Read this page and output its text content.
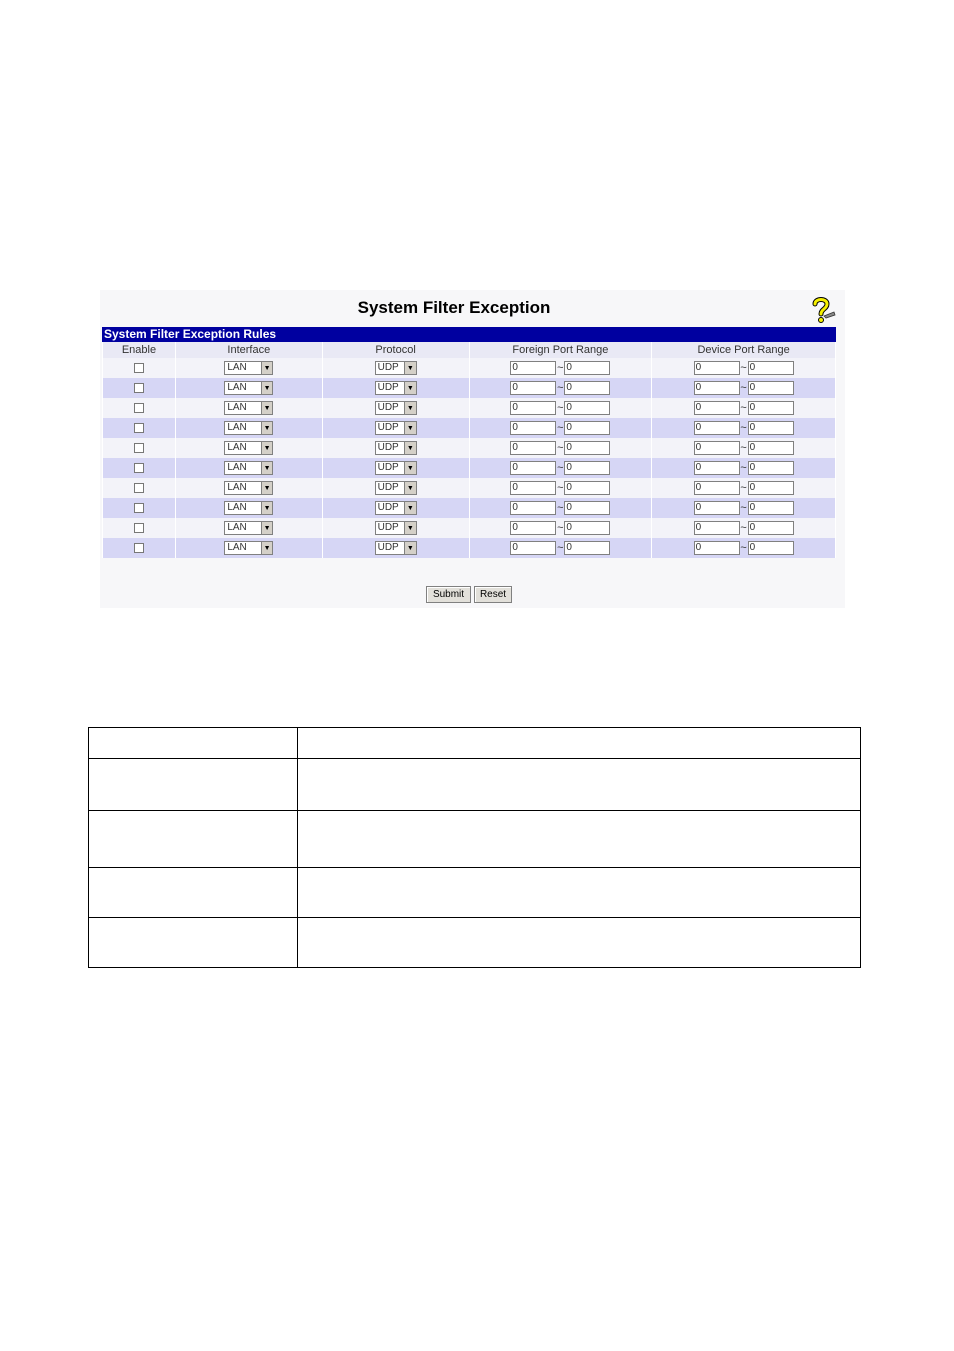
System Filter Exception
System Filter Exception Rules
Enable	Interface	Protocol	Foreign Port Range	Device Port Range

	LAN ▼	UDP ▼	0 ~ 0	0 ~ 0

	LAN ▼	UDP ▼	0 ~ 0	0 ~ 0

	LAN ▼	UDP ▼	0 ~ 0	0 ~ 0

	LAN ▼	UDP ▼	0 ~ 0	0 ~ 0

	LAN ▼	UDP ▼	0 ~ 0	0 ~ 0

	LAN ▼	UDP ▼	0 ~ 0	0 ~ 0

	LAN ▼	UDP ▼	0 ~ 0	0 ~ 0

	LAN ▼	UDP ▼	0 ~ 0	0 ~ 0

	LAN ▼	UDP ▼	0 ~ 0	0 ~ 0

	LAN ▼	UDP ▼	0 ~ 0	0 ~ 0
Submit	Reset
